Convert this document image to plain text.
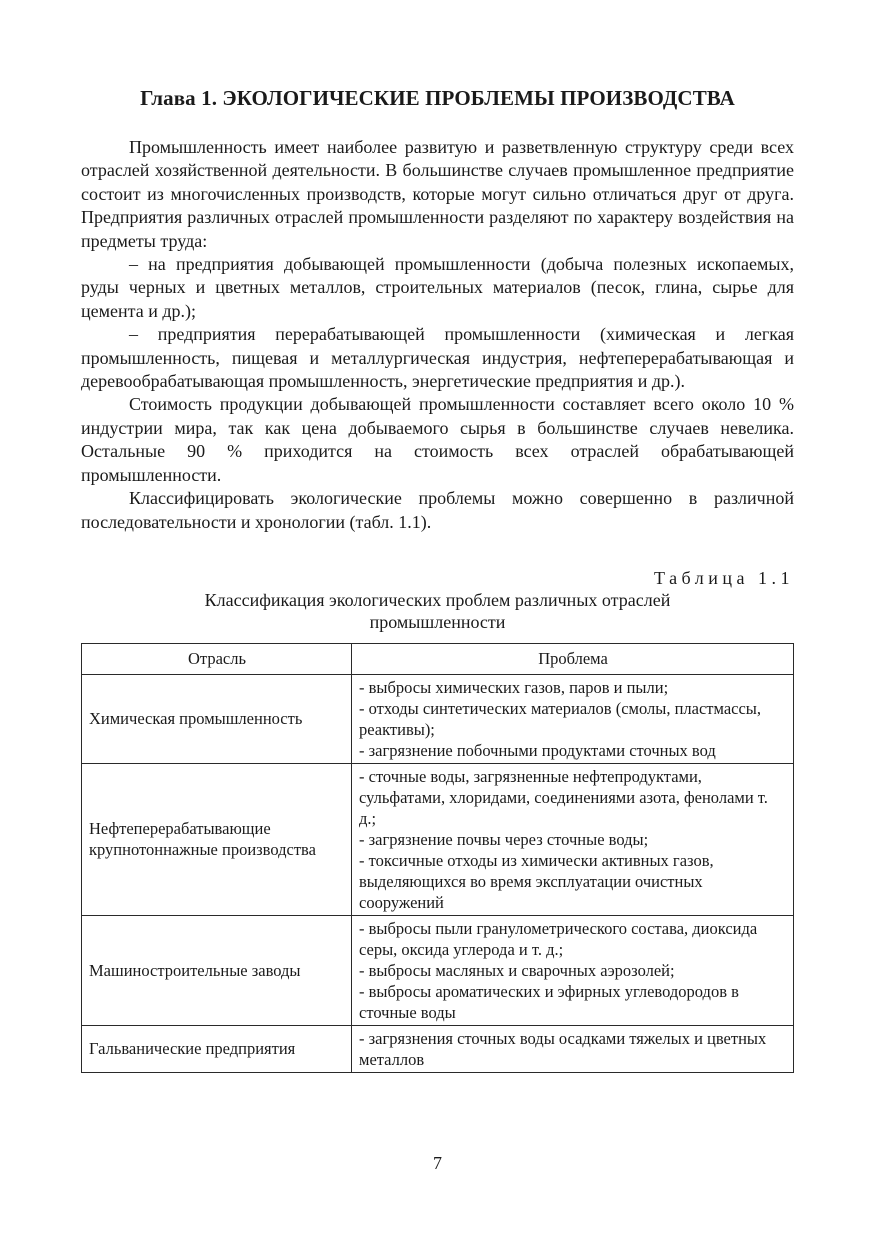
Глава 1. ЭКОЛОГИЧЕСКИЕ ПРОБЛЕМЫ ПРОИЗВОДСТВА

Промышленность имеет наиболее развитую и разветвленную структуру среди всех отраслей хозяйственной деятельности. В большинстве случаев промышленное предприятие состоит из многочисленных производств, которые могут сильно отличаться друг от друга. Предприятия различных отраслей промышленности разделяют по характеру воздействия на предметы труда:

– на предприятия добывающей промышленности (добыча полезных ископаемых, руды черных и цветных металлов, строительных материалов (песок, глина, сырье для цемента и др.);

– предприятия перерабатывающей промышленности (химическая и легкая промышленность, пищевая и металлургическая индустрия, нефтеперерабатывающая и деревообрабатывающая промышленность, энергетические предприятия и др.).

Стоимость продукции добывающей промышленности составляет всего около 10 % индустрии мира, так как цена добываемого сырья в большинстве случаев невелика. Остальные 90 % приходится на стоимость всех отраслей обрабатывающей промышленности.

Классифицировать экологические проблемы можно совершенно в различной последовательности и хронологии (табл. 1.1).

Таблица 1.1
Классификация экологических проблем различных отраслей промышленности
Отрасль	Проблема
Химическая промышленность	- выбросы химических газов, паров и пыли;
- отходы синтетических материалов (смолы, пластмассы, реактивы);
- загрязнение побочными продуктами сточных вод

Нефтеперерабатывающие крупнотоннажные производства	- сточные воды, загрязненные нефтепродуктами, сульфатами, хлоридами, соединениями азота, фенолами т. д.;
- загрязнение почвы через сточные воды;
- токсичные отходы из химически активных газов, выделяющихся во время эксплуатации очистных сооружений

Машиностроительные заводы	- выбросы пыли гранулометрического состава, диоксида серы, оксида углерода и т. д.;
- выбросы масляных и сварочных аэрозолей;
- выбросы ароматических и эфирных углеводородов в сточные воды

Гальванические предприятия	- загрязнения сточных воды осадками тяжелых и цветных металлов
7
